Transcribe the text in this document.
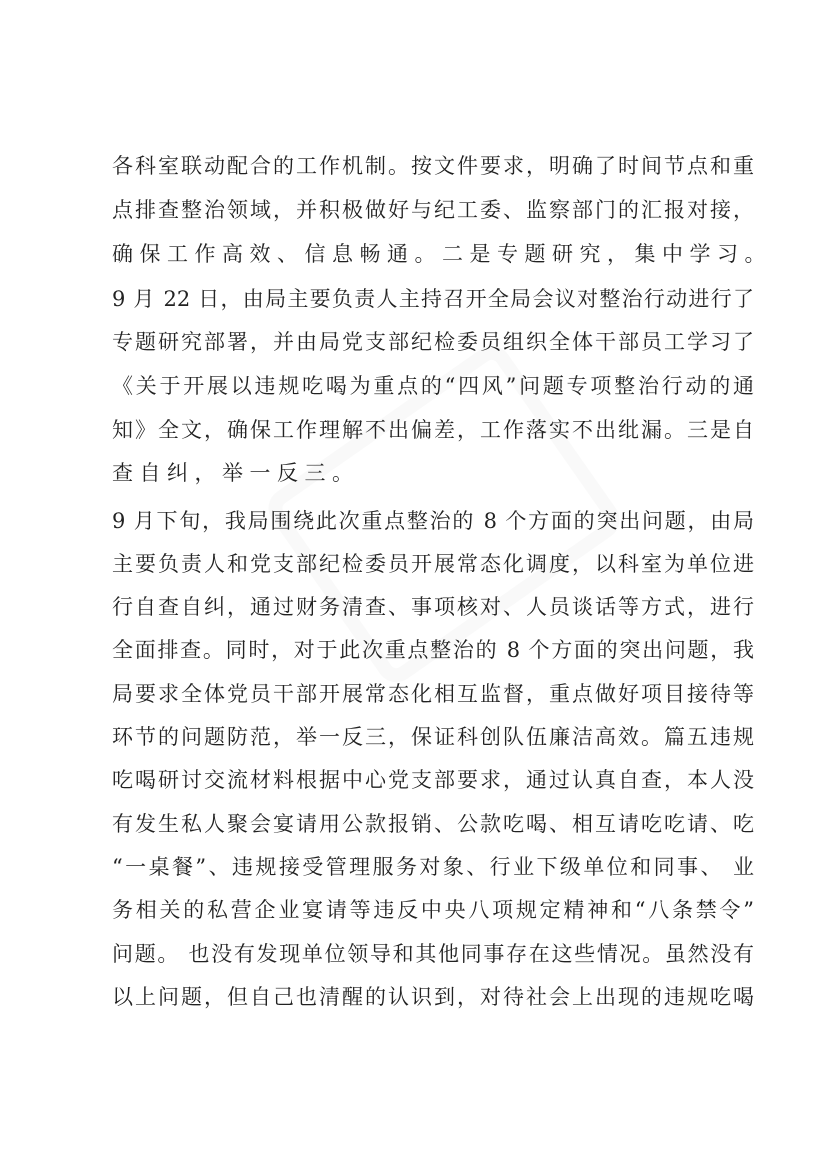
各科室联动配合的工作机制。按文件要求，明确了时间节点和重
点排查整治领域，并积极做好与纪工委、监察部门的汇报对接，
确保工作高效、信息畅通。二是专题研究，集中学习。
9 月 22 日，由局主要负责人主持召开全局会议对整治行动进行了
专题研究部署，并由局党支部纪检委员组织全体干部员工学习了
《关于开展以违规吃喝为重点的“四风”问题专项整治行动的通
知》全文，确保工作理解不出偏差，工作落实不出纰漏。三是自
查自纠，举一反三。
9 月下旬，我局围绕此次重点整治的 8 个方面的突出问题，由局
主要负责人和党支部纪检委员开展常态化调度，以科室为单位进
行自查自纠，通过财务清查、事项核对、人员谈话等方式，进行
全面排查。同时，对于此次重点整治的 8 个方面的突出问题，我
局要求全体党员干部开展常态化相互监督，重点做好项目接待等
环节的问题防范，举一反三，保证科创队伍廉洁高效。篇五违规
吃喝研讨交流材料根据中心党支部要求，通过认真自查，本人没
有发生私人聚会宴请用公款报销、公款吃喝、相互请吃吃请、吃
“一桌餐”、违规接受管理服务对象、行业下级单位和同事、 业
务相关的私营企业宴请等违反中央八项规定精神和“八条禁令”
问题。 也没有发现单位领导和其他同事存在这些情况。虽然没有
以上问题，但自己也清醒的认识到，对待社会上出现的违规吃喝
